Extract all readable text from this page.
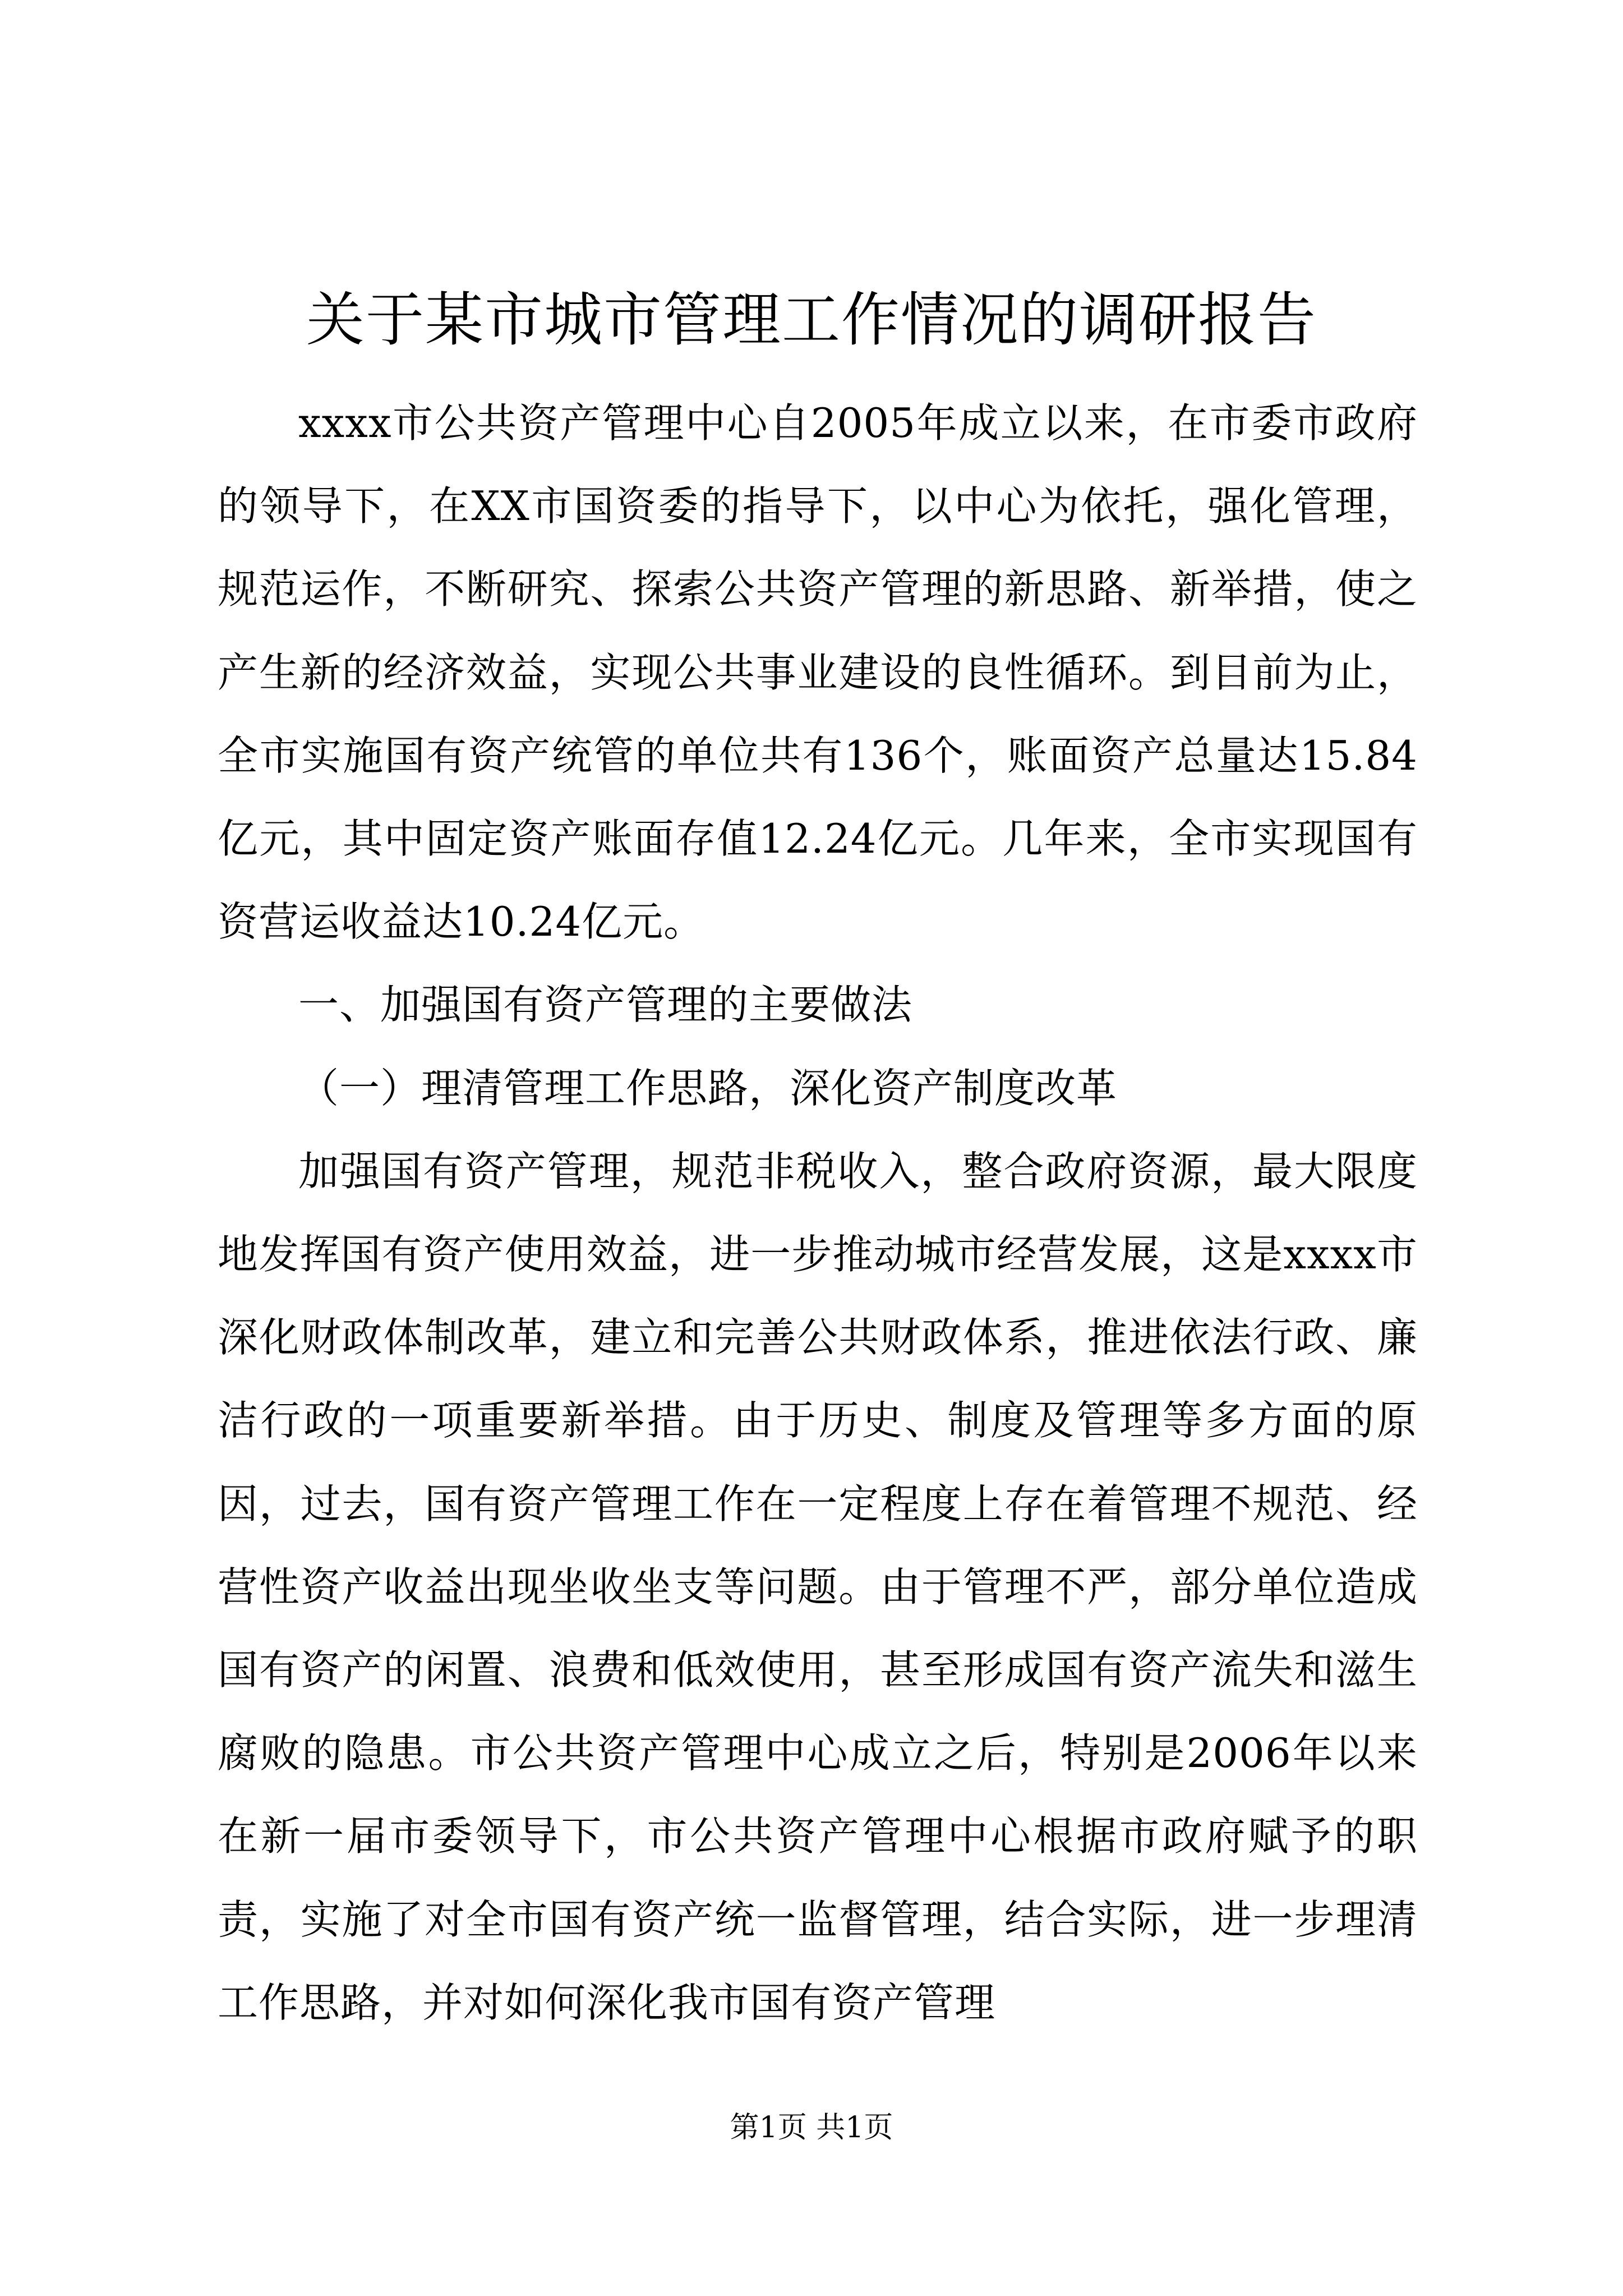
关于某市城市管理工作情况的调研报告

xxxx市公共资产管理中心自2005年成立以来，在市委市政府的领导下，在XX市国资委的指导下，以中心为依托，强化管理，规范运作，不断研究、探索公共资产管理的新思路、新举措，使之产生新的经济效益，实现公共事业建设的良性循环。到目前为止，全市实施国有资产统管的单位共有136个，账面资产总量达15.84亿元，其中固定资产账面存值12.24亿元。几年来，全市实现国有资营运收益达10.24亿元。

一、加强国有资产管理的主要做法

（一）理清管理工作思路，深化资产制度改革

加强国有资产管理，规范非税收入，整合政府资源，最大限度地发挥国有资产使用效益，进一步推动城市经营发展，这是xxxx市深化财政体制改革，建立和完善公共财政体系，推进依法行政、廉洁行政的一项重要新举措。由于历史、制度及管理等多方面的原因，过去，国有资产管理工作在一定程度上存在着管理不规范、经营性资产收益出现坐收坐支等问题。由于管理不严，部分单位造成国有资产的闲置、浪费和低效使用，甚至形成国有资产流失和滋生腐败的隐患。市公共资产管理中心成立之后，特别是2006年以来在新一届市委领导下，市公共资产管理中心根据市政府赋予的职责，实施了对全市国有资产统一监督管理，结合实际，进一步理清工作思路，并对如何深化我市国有资产管理

第1页 共1页
